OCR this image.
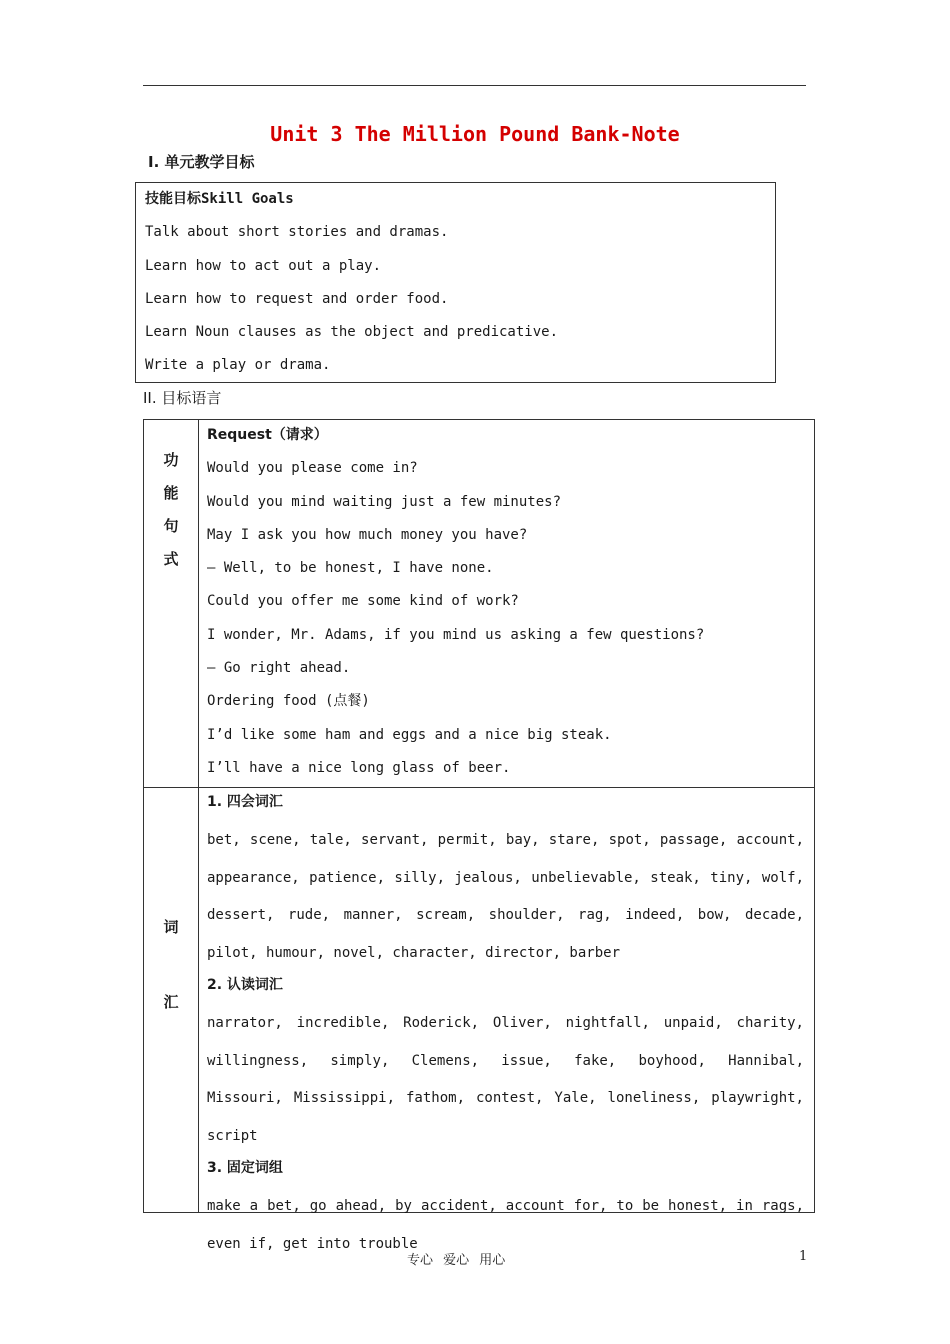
Unit 3 The Million Pound Bank-Note
Ⅰ. 单元教学目标
技能目标Skill Goals
Talk about short stories and dramas.
Learn how to act out a play.
Learn how to request and order food.
Learn Noun clauses as the object and predicative.
Write a play or drama.
II. 目标语言
功
能
句
式
Request（请求）
Would you please come in?
Would you mind waiting just a few minutes?
May I ask you how much money you have?
— Well, to be honest, I have none.
Could you offer me some kind of work?
I wonder, Mr. Adams, if you mind us asking a few questions?
— Go right ahead.
Ordering food (点餐)
I’d like some ham and eggs and a nice big steak.
I’ll have a nice long glass of beer.
词
汇
1. 四会词汇
bet, scene, tale, servant, permit, bay, stare, spot, passage, account, appearance, patience, silly, jealous, unbelievable, steak, tiny, wolf, dessert, rude, manner, scream, shoulder, rag, indeed, bow, decade, pilot, humour, novel, character, director, barber
2. 认读词汇
narrator, incredible, Roderick, Oliver, nightfall, unpaid, charity, willingness, simply, Clemens, issue, fake, boyhood, Hannibal, Missouri, Mississippi, fathom, contest, Yale, loneliness, playwright, script
3. 固定词组
make a bet, go ahead, by accident, account for, to be honest, in rags, even if, get into trouble
专心 爱心 用心	1
